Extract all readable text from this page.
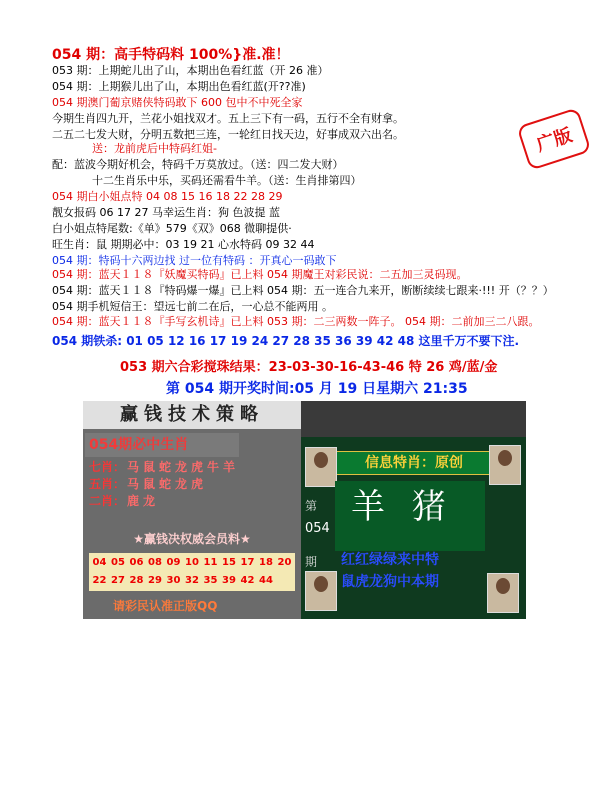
054 期：高手特码料 100%}准.准！
053 期：上期蛇儿出了山，本期出色看红蓝（开 26 准）
054 期：上期猴儿出了山，本期出色看红蓝(开??准)
054 期澳门葡京赌侠特码敢下 600 包中不中死全家
今期生肖四九开，兰花小姐找双才。五上三下有一码，五行不全有财拿。
二五二七发大财，分明五数把三连，一轮红日找天边，好事成双六出名。
送：龙前虎后中特码红姐-
配：蓝波今期好机会，特码千万莫放过。（送：四二发大财）
十二生肖乐中乐，买码还需看牛羊。（送：生肖排第四）
054 期白小姐点特 04 08 15 16 18 22 28 29
靓女报码 06 17 27 马幸运生肖：狗 色波提 蓝
白小姐点特尾数:《单》579《双》068 微聊提供·
旺生肖：鼠 期期必中：03 19 21 心水特码 09 32 44
054 期：特码十六两边找 过一位有特码 ：开真心一码敢下
054 期：蓝天１１８『妖魔买特码』已上料 054 期魔王对彩民说：二五加三灵码现。
054 期：蓝天１１８『特码爆一爆』已上料 054 期：五一连合九来开，断断续续七跟来·!!! 开（？？）
054 期手机短信王：望远七前二在后，一心总不能两用 。
054 期：蓝天１１８『手写玄机诗』已上料 053 期：二三两数一阵子。 054 期：二前加三二八跟。
054 期铁杀: 01 05 12 16 17 19 24 27 28 35 36 39 42 48 这里千万不要下注.
053 期六合彩搅珠结果：23-03-30-16-43-46 特 26 鸡/蓝/金
第 054 期开奖时间:05 月 19 日星期六 21:35
广版
赢钱技术策略
054期必中生肖
七肖： 马鼠蛇龙虎牛羊
五肖： 马鼠蛇龙虎
二肖： 鹿龙
★赢钱决权威会员料★
04 05 06 08 09 10 11 15 17 18 20
22 27 28 29 30 32 35 39 42 44
请彩民认准正版QQ
信息特肖：原创
羊 猪
第
054
期 红红绿绿来中特
鼠虎龙狗中本期
